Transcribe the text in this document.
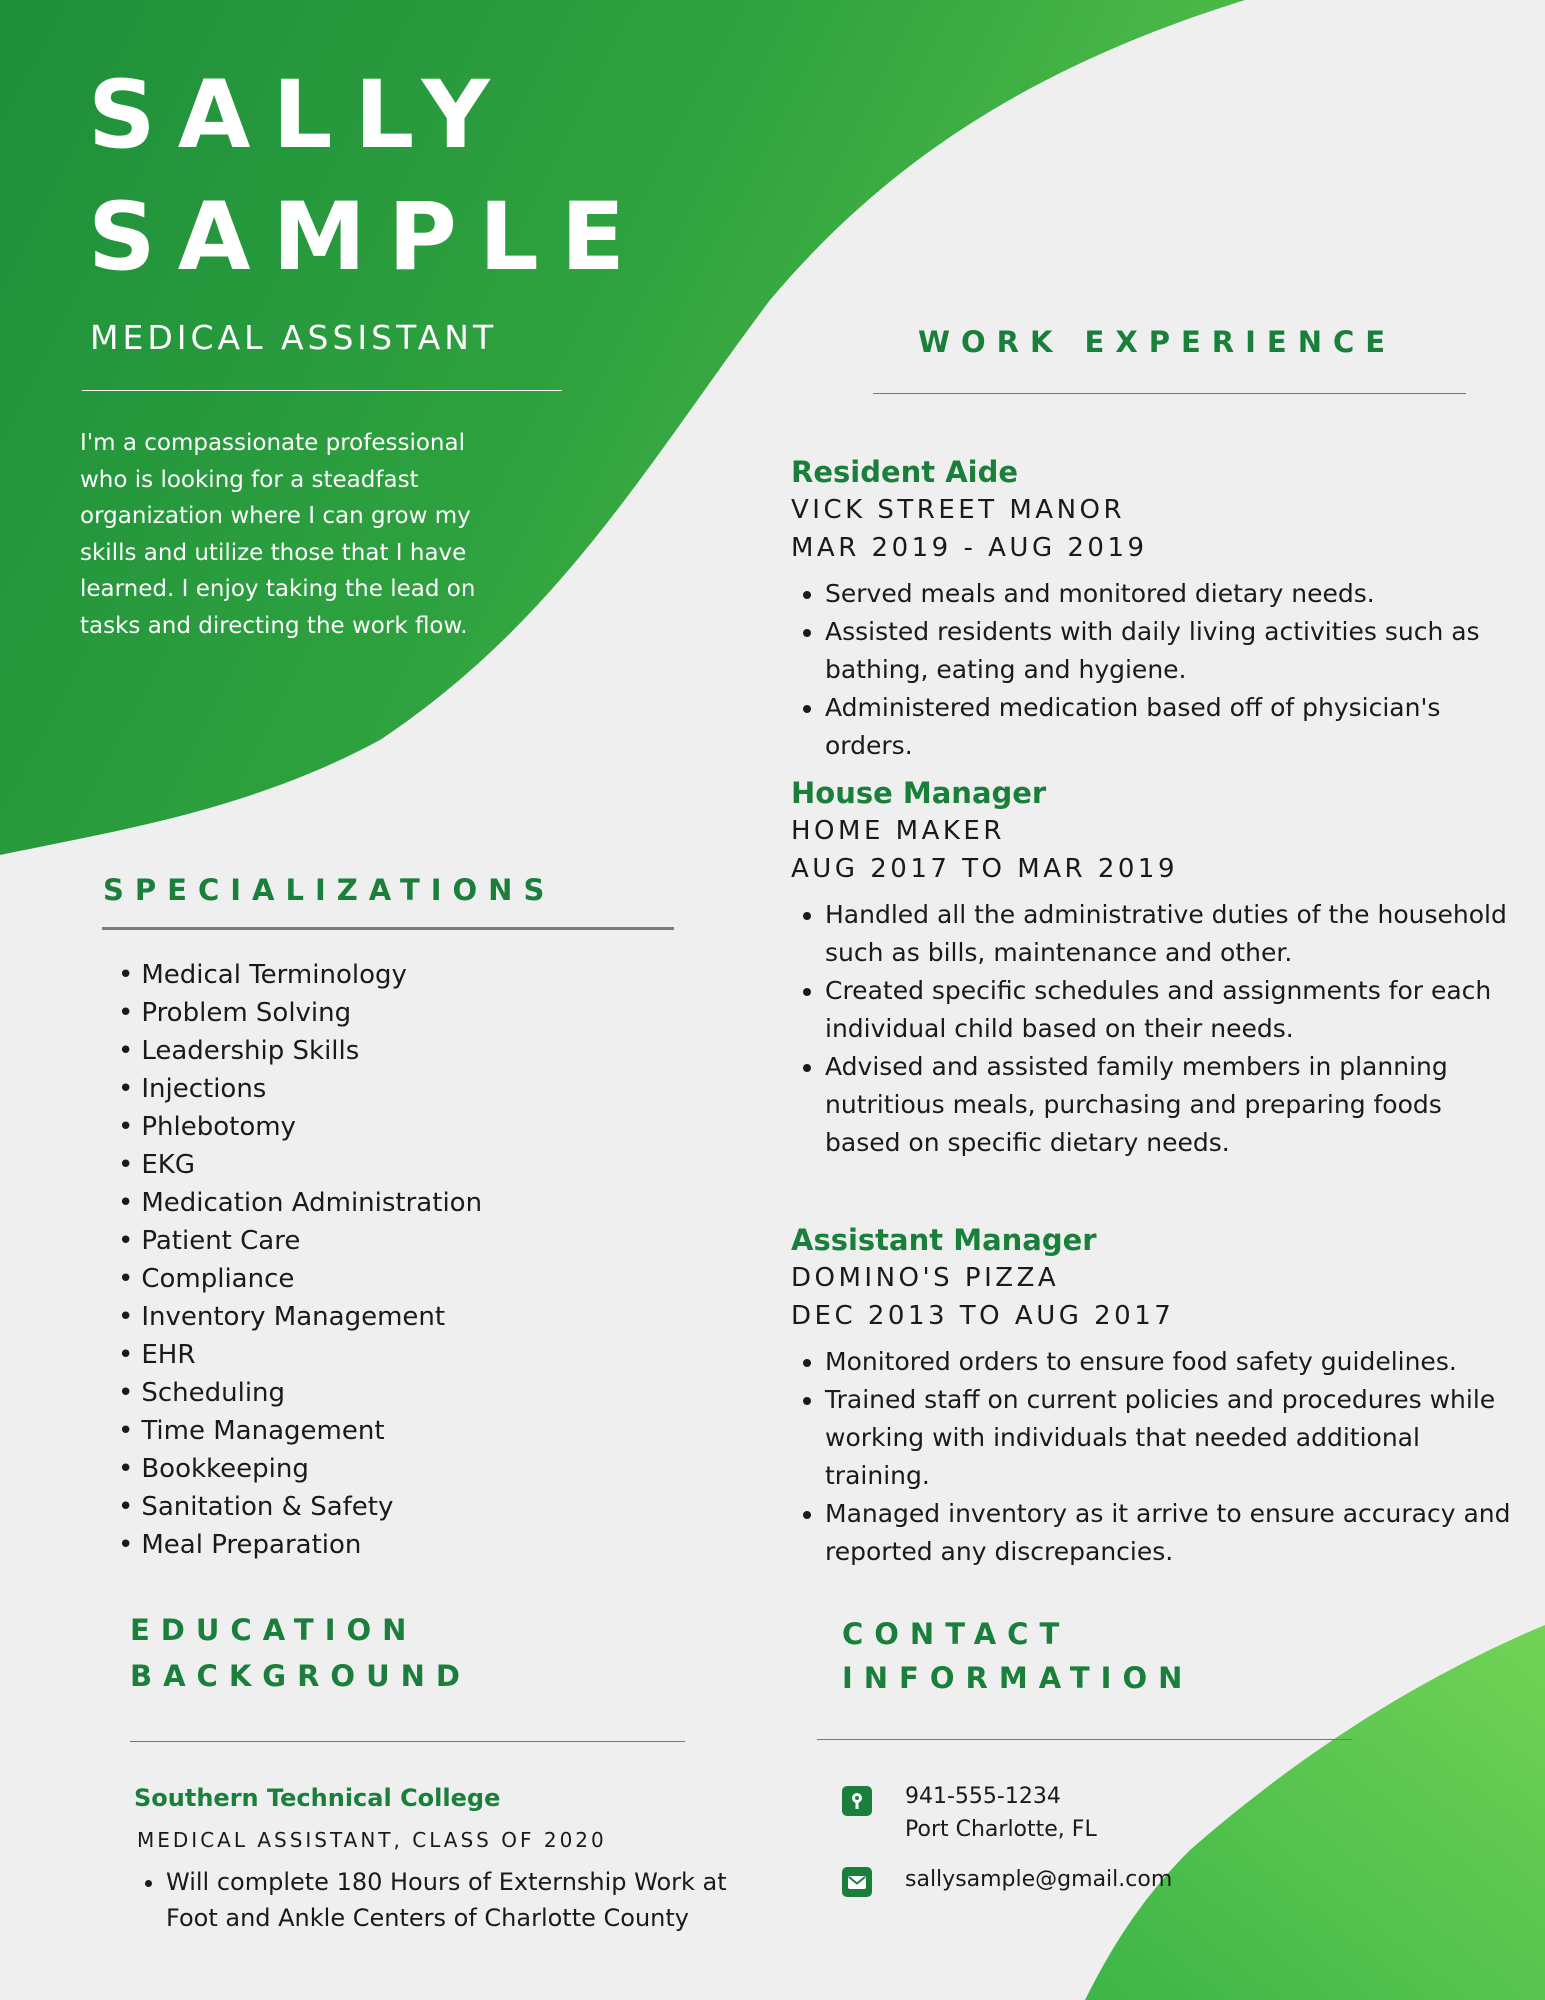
SALLY
SAMPLE
MEDICAL ASSISTANT
I'm a compassionate professional who is looking for a steadfast organization where I can grow my skills and utilize those that I have learned. I enjoy taking the lead on tasks and directing the work flow.
SPECIALIZATIONS
• Medical Terminology
• Problem Solving
• Leadership Skills
• Injections
• Phlebotomy
• EKG
• Medication Administration
• Patient Care
• Compliance
• Inventory Management
• EHR
• Scheduling
• Time Management
• Bookkeeping
• Sanitation & Safety
• Meal Preparation
WORK EXPERIENCE
Resident Aide
VICK STREET MANOR
MAR 2019 - AUG 2019
• Served meals and monitored dietary needs.
• Assisted residents with daily living activities such as bathing, eating and hygiene.
• Administered medication based off of physician's orders.
House Manager
HOME MAKER
AUG 2017 TO MAR 2019
• Handled all the administrative duties of the household such as bills, maintenance and other.
• Created specific schedules and assignments for each individual child based on their needs.
• Advised and assisted family members in planning nutritious meals, purchasing and preparing foods based on specific dietary needs.
Assistant Manager
DOMINO'S PIZZA
DEC 2013 TO AUG 2017
• Monitored orders to ensure food safety guidelines.
• Trained staff on current policies and procedures while working with individuals that needed additional training.
• Managed inventory as it arrive to ensure accuracy and reported any discrepancies.
EDUCATION
BACKGROUND
Southern Technical College
MEDICAL ASSISTANT, CLASS OF 2020
• Will complete 180 Hours of Externship Work at Foot and Ankle Centers of Charlotte County
CONTACT
INFORMATION
941-555-1234
Port Charlotte, FL
sallysample@gmail.com
